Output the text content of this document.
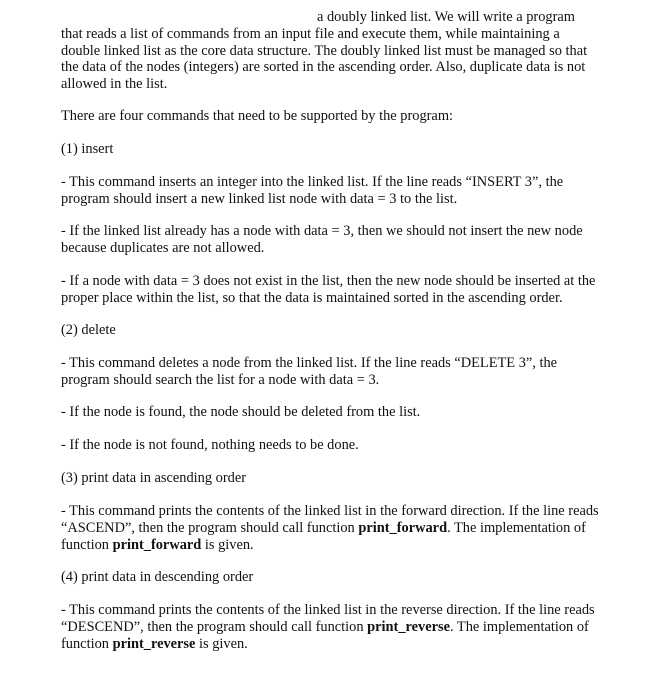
a doubly linked list. We will write a program
that reads a list of commands from an input file and execute them, while maintaining a
double linked list as the core data structure. The doubly linked list must be managed so that
the data of the nodes (integers) are sorted in the ascending order. Also, duplicate data is not
allowed in the list.
There are four commands that need to be supported by the program:
(1) insert
- This command inserts an integer into the linked list. If the line reads “INSERT 3”, the
program should insert a new linked list node with data = 3 to the list.
- If the linked list already has a node with data = 3, then we should not insert the new node
because duplicates are not allowed.
- If a node with data = 3 does not exist in the list, then the new node should be inserted at the
proper place within the list, so that the data is maintained sorted in the ascending order.
(2) delete
- This command deletes a node from the linked list. If the line reads “DELETE 3”, the
program should search the list for a node with data = 3.
- If the node is found, the node should be deleted from the list.
- If the node is not found, nothing needs to be done.
(3) print data in ascending order
- This command prints the contents of the linked list in the forward direction. If the line reads
“ASCEND”, then the program should call function print_forward. The implementation of
function print_forward is given.
(4) print data in descending order
- This command prints the contents of the linked list in the reverse direction. If the line reads
“DESCEND”, then the program should call function print_reverse. The implementation of
function print_reverse is given.
